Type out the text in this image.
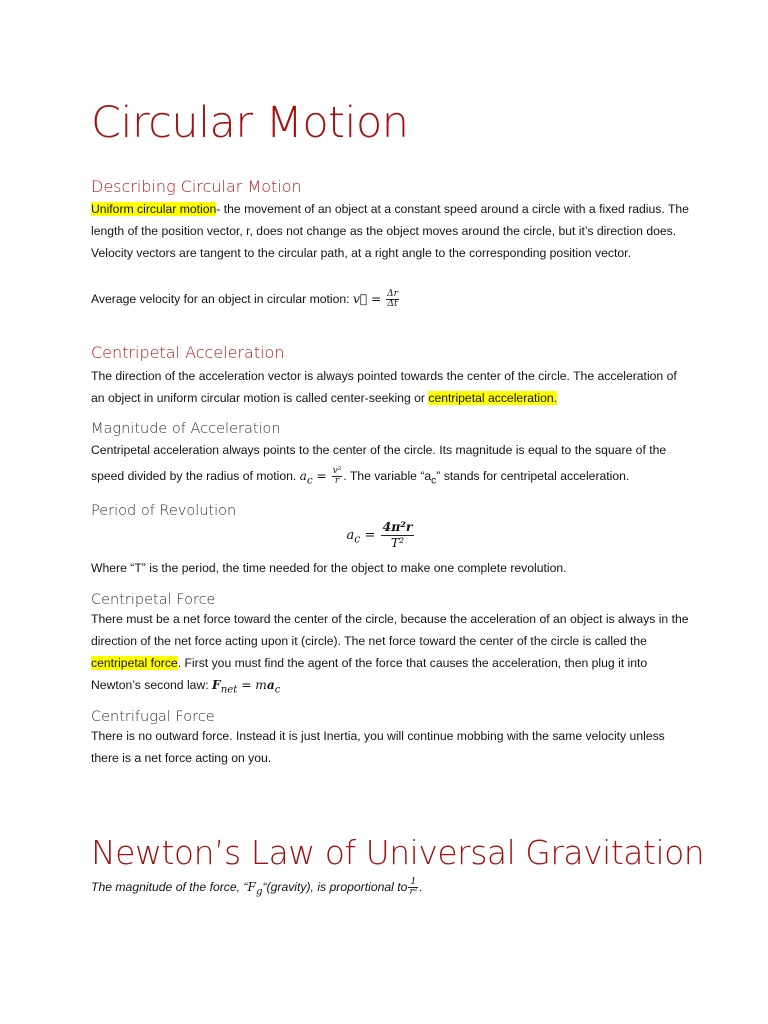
Circular Motion
Describing Circular Motion
Uniform circular motion- the movement of an object at a constant speed around a circle with a fixed radius. The length of the position vector, r, does not change as the object moves around the circle, but it’s direction does. Velocity vectors are tangent to the circular path, at a right angle to the corresponding position vector.
Average velocity for an object in circular motion: v⃗ = $\frac{\Delta r}{\Delta t}$
Centripetal Acceleration
The direction of the acceleration vector is always pointed towards the center of the circle. The acceleration of an object in uniform circular motion is called center-seeking or centripetal acceleration.
Magnitude of Acceleration
Centripetal acceleration always points to the center of the circle. Its magnitude is equal to the square of the speed divided by the radius of motion. $a_c = \frac{\text{v²}}{r}$ . The variable “$a_c$” stands for centripetal acceleration.
Period of Revolution
$a_c = \frac{\text{4π²r}}{\text{T²}}$
Where “T” is the period, the time needed for the object to make one complete revolution.
Centripetal Force
There must be a net force toward the center of the circle, because the acceleration of an object is always in the direction of the net force acting upon it (circle). The net force toward the center of the circle is called the centripetal force. First you must find the agent of the force that causes the acceleration, then plug it into Newton’s second law: $F_{net} = ma_c$
Centrifugal Force
There is no outward force. Instead it is just Inertia, you will continue mobbing with the same velocity unless there is a net force acting on you.
Newton’s Law of Universal Gravitation
The magnitude of the force, “$F_g“(gravity)$, is proportional to $\frac{1}{\text{r²}}$ .
